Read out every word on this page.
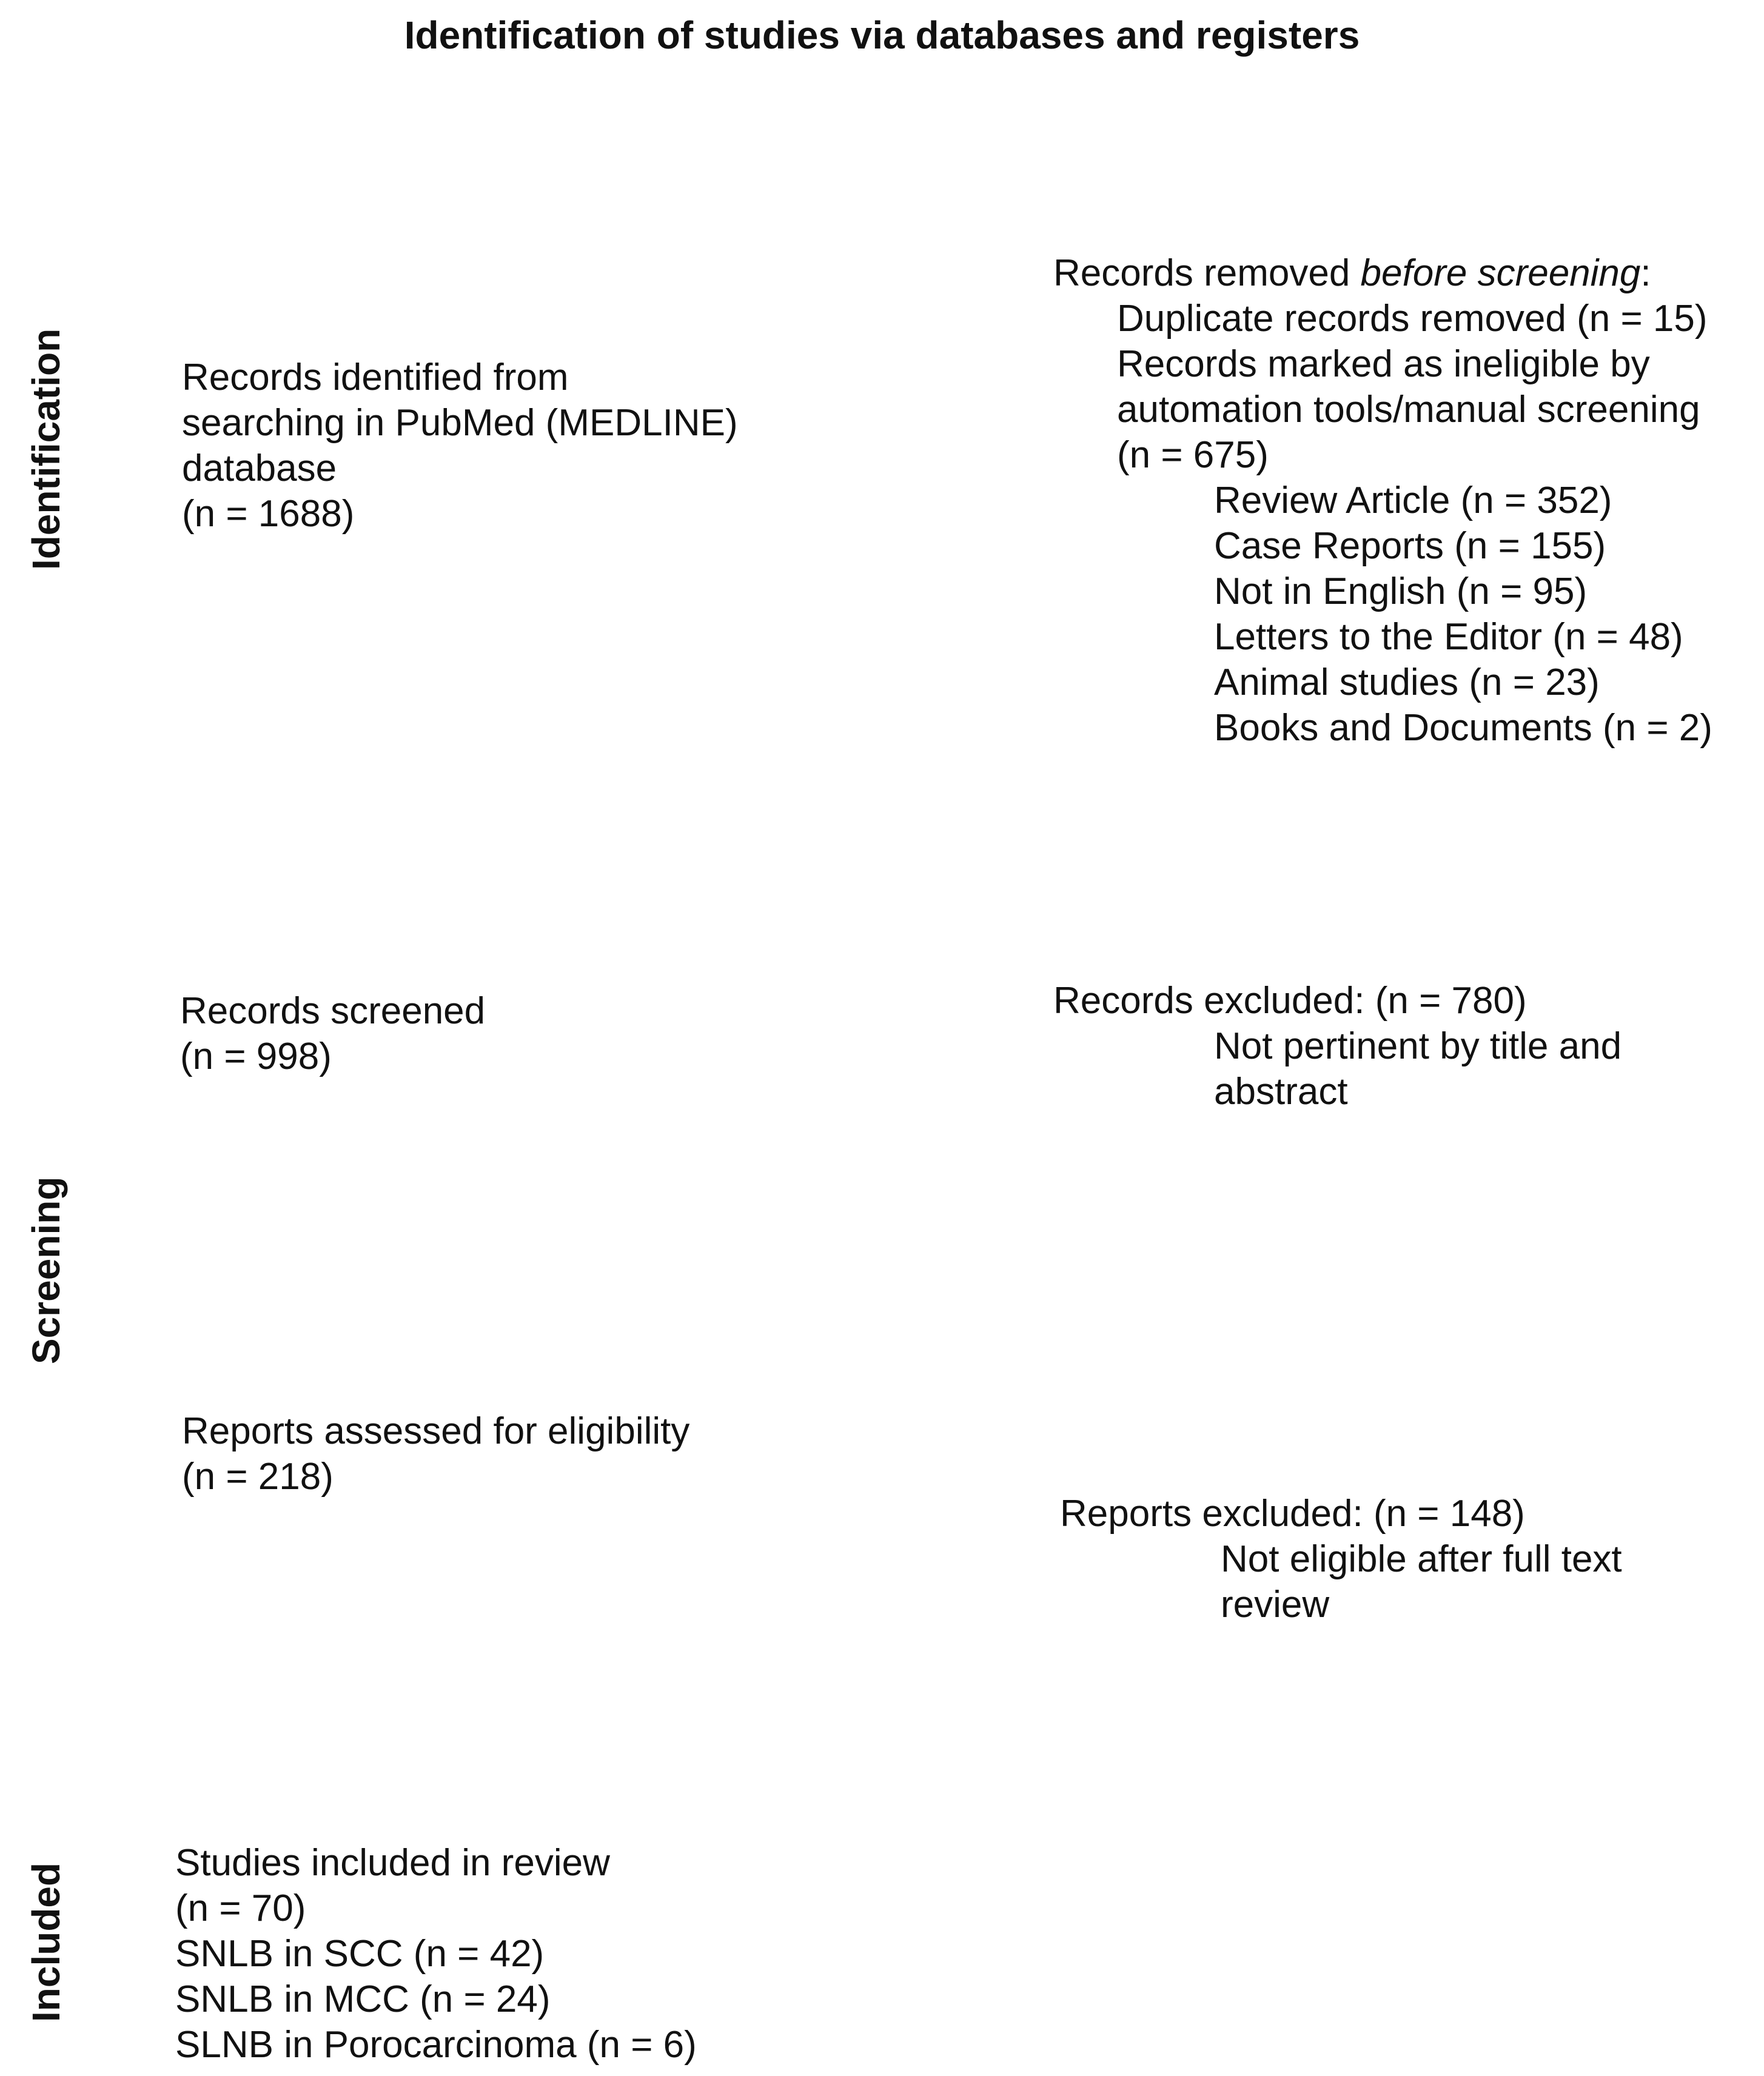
Identification of studies via databases and registers
Identification
Screening
Included
Records identified from
searching in PubMed (MEDLINE)
database
(n = 1688)
Records removed before screening:
Duplicate records removed (n = 15)
Records marked as ineligible by
automation tools/manual screening
(n = 675)
Review Article (n = 352)
Case Reports (n = 155)
Not in English (n = 95)
Letters to the Editor (n = 48)
Animal studies (n = 23)
Books and Documents (n = 2)
Records screened
(n = 998)
Records excluded: (n = 780)
Not pertinent by title and
abstract
Reports assessed for eligibility
(n = 218)
Reports excluded: (n = 148)
Not eligible after full text
review
Studies included in review
(n = 70)
SNLB in SCC (n = 42)
SNLB in MCC (n = 24)
SLNB in Porocarcinoma (n = 6)
